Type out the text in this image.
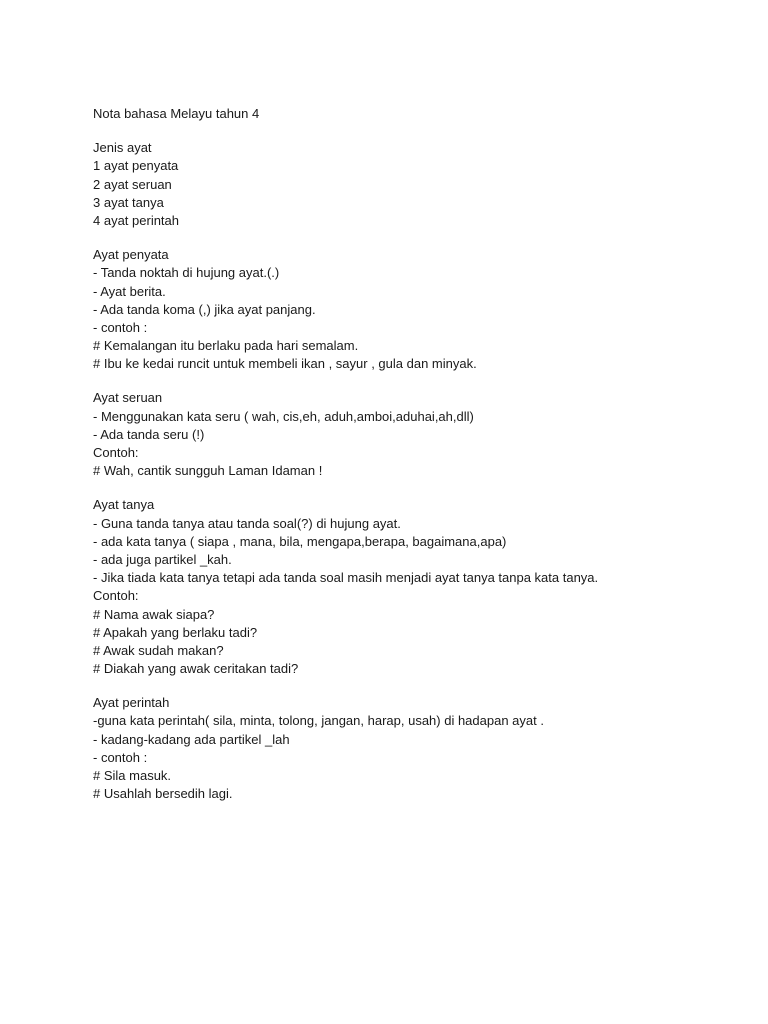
Nota bahasa Melayu tahun 4
Jenis ayat
1 ayat penyata
2 ayat seruan
3 ayat tanya
4 ayat perintah
Ayat penyata
- Tanda noktah di hujung ayat.(.)
- Ayat berita.
- Ada tanda koma (,) jika ayat panjang.
- contoh :
# Kemalangan itu berlaku pada hari semalam.
# Ibu ke kedai runcit untuk membeli ikan , sayur , gula dan minyak.
Ayat seruan
- Menggunakan kata seru ( wah, cis,eh, aduh,amboi,aduhai,ah,dll)
- Ada tanda seru (!)
Contoh:
# Wah, cantik sungguh Laman Idaman !
Ayat tanya
- Guna tanda tanya atau tanda soal(?) di hujung ayat.
- ada kata tanya ( siapa , mana, bila, mengapa,berapa, bagaimana,apa)
- ada juga partikel _kah.
- Jika tiada kata tanya tetapi ada tanda soal masih menjadi ayat tanya tanpa kata tanya.
Contoh:
# Nama awak siapa?
# Apakah yang berlaku tadi?
# Awak sudah makan?
# Diakah yang awak ceritakan tadi?
Ayat perintah
-guna kata perintah( sila, minta, tolong, jangan, harap, usah) di hadapan ayat .
- kadang-kadang ada partikel _lah
- contoh :
# Sila masuk.
# Usahlah bersedih lagi.
